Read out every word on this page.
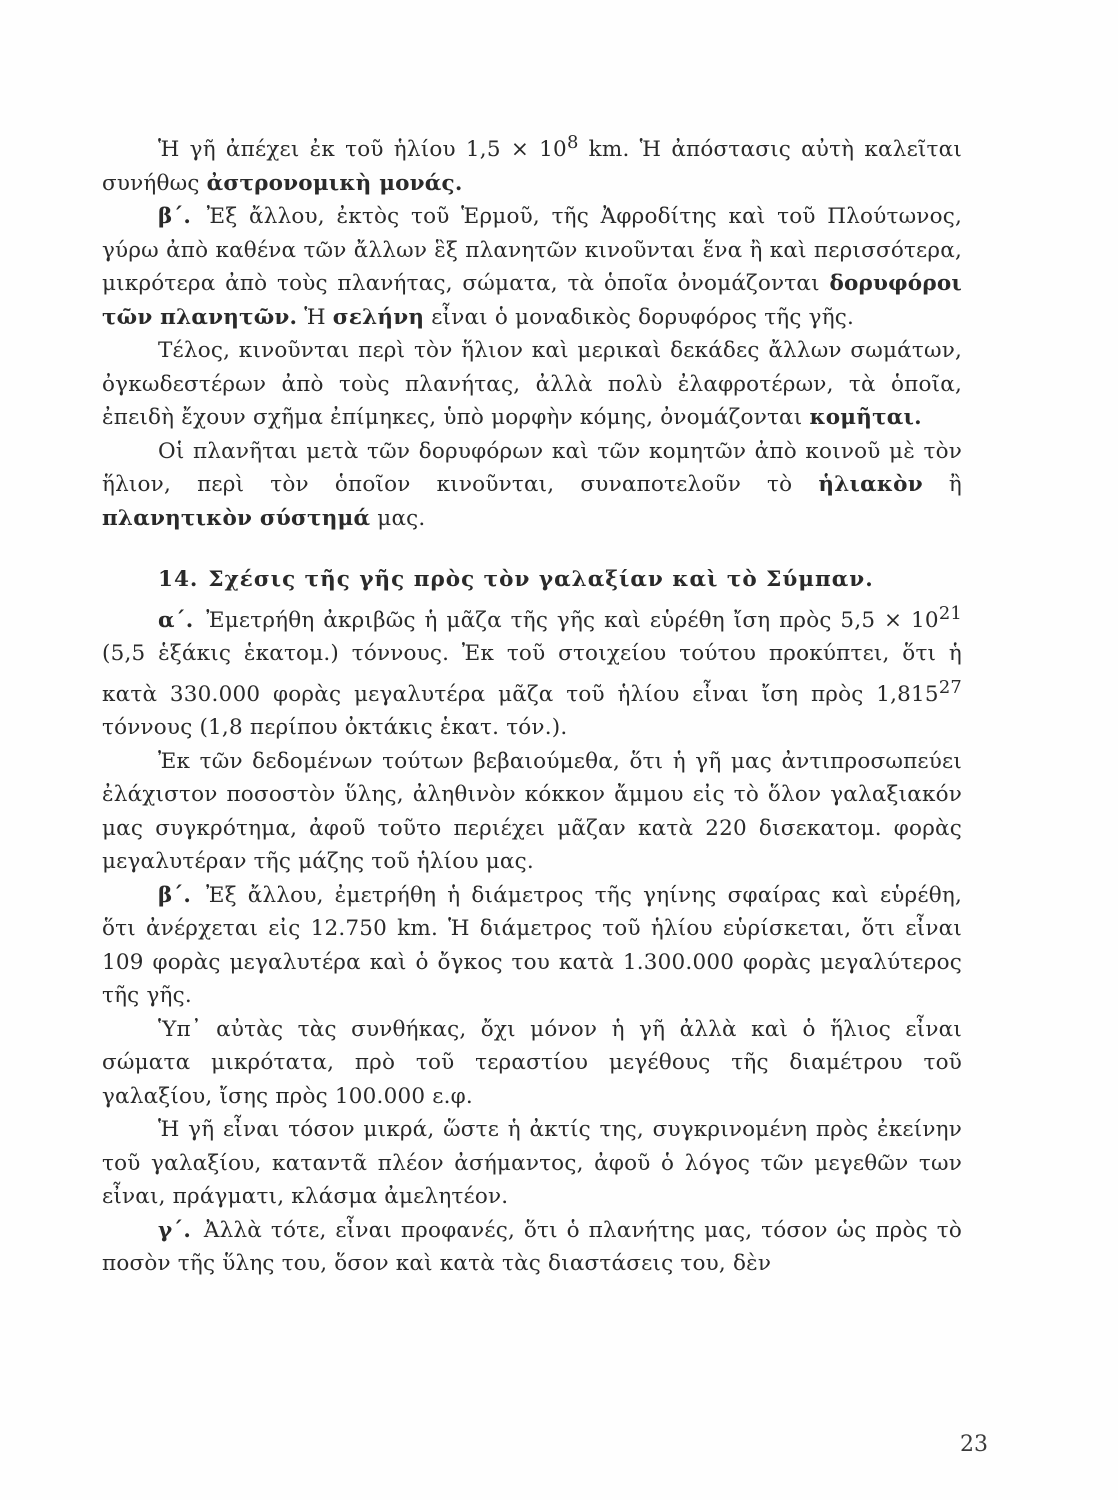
Ἡ γῆ ἀπέχει ἐκ τοῦ ἡλίου $1,5 \times 10^8$ km. Ἡ ἀπόστασις αὐτὴ καλεῖται συνήθως ἀστρονομικὴ μονάς.

β΄. Ἐξ ἄλλου, ἐκτὸς τοῦ Ἑρμοῦ, τῆς Ἀφροδίτης καὶ τοῦ Πλούτωνος, γύρω ἀπὸ καθένα τῶν ἄλλων ἓξ πλανητῶν κινοῦνται ἕνα ἢ καὶ περισσότερα, μικρότερα ἀπὸ τοὺς πλανήτας, σώματα, τὰ ὁποῖα ὀνομάζονται δορυφόροι τῶν πλανητῶν. Ἡ σελήνη εἶναι ὁ μοναδικὸς δορυφόρος τῆς γῆς.

Τέλος, κινοῦνται περὶ τὸν ἥλιον καὶ μερικαὶ δεκάδες ἄλλων σωμάτων, ὀγκωδεστέρων ἀπὸ τοὺς πλανήτας, ἀλλὰ πολὺ ἐλαφροτέρων, τὰ ὁποῖα, ἐπειδὴ ἔχουν σχῆμα ἐπίμηκες, ὑπὸ μορφὴν κόμης, ὀνομάζονται κομῆται.

Οἱ πλανῆται μετὰ τῶν δορυφόρων καὶ τῶν κομητῶν ἀπὸ κοινοῦ μὲ τὸν ἥλιον, περὶ τὸν ὁποῖον κινοῦνται, συναποτελοῦν τὸ ἡλιακὸν ἢ πλανητικὸν σύστημά μας.

14. Σχέσις τῆς γῆς πρὸς τὸν γαλαξίαν καὶ τὸ Σύμπαν.

α΄. Ἐμετρήθη ἀκριβῶς ἡ μᾶζα τῆς γῆς καὶ εὑρέθη ἴση πρὸς $5,5 \times 10^{21}$ (5,5 ἑξάκις ἑκατομ.) τόννους. Ἐκ τοῦ στοιχείου τούτου προκύπτει, ὅτι ἡ κατὰ 330.000 φορὰς μεγαλυτέρα μᾶζα τοῦ ἡλίου εἶναι ἴση πρὸς 1,815$^{27}$ τόννους (1,8 περίπου ὀκτάκις ἑκατ. τόν.).

Ἐκ τῶν δεδομένων τούτων βεβαιούμεθα, ὅτι ἡ γῆ μας ἀντιπροσωπεύει ἐλάχιστον ποσοστὸν ὕλης, ἀληθινὸν κόκκον ἄμμου εἰς τὸ ὅλον γαλαξιακόν μας συγκρότημα, ἀφοῦ τοῦτο περιέχει μᾶζαν κατὰ 220 δισεκατομ. φορὰς μεγαλυτέραν τῆς μάζης τοῦ ἡλίου μας.

β΄. Ἐξ ἄλλου, ἐμετρήθη ἡ διάμετρος τῆς γηίνης σφαίρας καὶ εὑρέθη, ὅτι ἀνέρχεται εἰς 12.750 km. Ἡ διάμετρος τοῦ ἡλίου εὑρίσκεται, ὅτι εἶναι 109 φορὰς μεγαλυτέρα καὶ ὁ ὄγκος του κατὰ 1.300.000 φορὰς μεγαλύτερος τῆς γῆς.

Ὑπ᾽ αὐτὰς τὰς συνθήκας, ὄχι μόνον ἡ γῆ ἀλλὰ καὶ ὁ ἥλιος εἶναι σώματα μικρότατα, πρὸ τοῦ τεραστίου μεγέθους τῆς διαμέτρου τοῦ γαλαξίου, ἴσης πρὸς 100.000 ε.φ.

Ἡ γῆ εἶναι τόσον μικρά, ὥστε ἡ ἀκτίς της, συγκρινομένη πρὸς ἐκείνην τοῦ γαλαξίου, καταντᾶ πλέον ἀσήμαντος, ἀφοῦ ὁ λόγος τῶν μεγεθῶν των εἶναι, πράγματι, κλάσμα ἀμελητέον.

γ΄. Ἀλλὰ τότε, εἶναι προφανές, ὅτι ὁ πλανήτης μας, τόσον ὡς πρὸς τὸ ποσὸν τῆς ὕλης του, ὅσον καὶ κατὰ τὰς διαστάσεις του, δὲν

23
